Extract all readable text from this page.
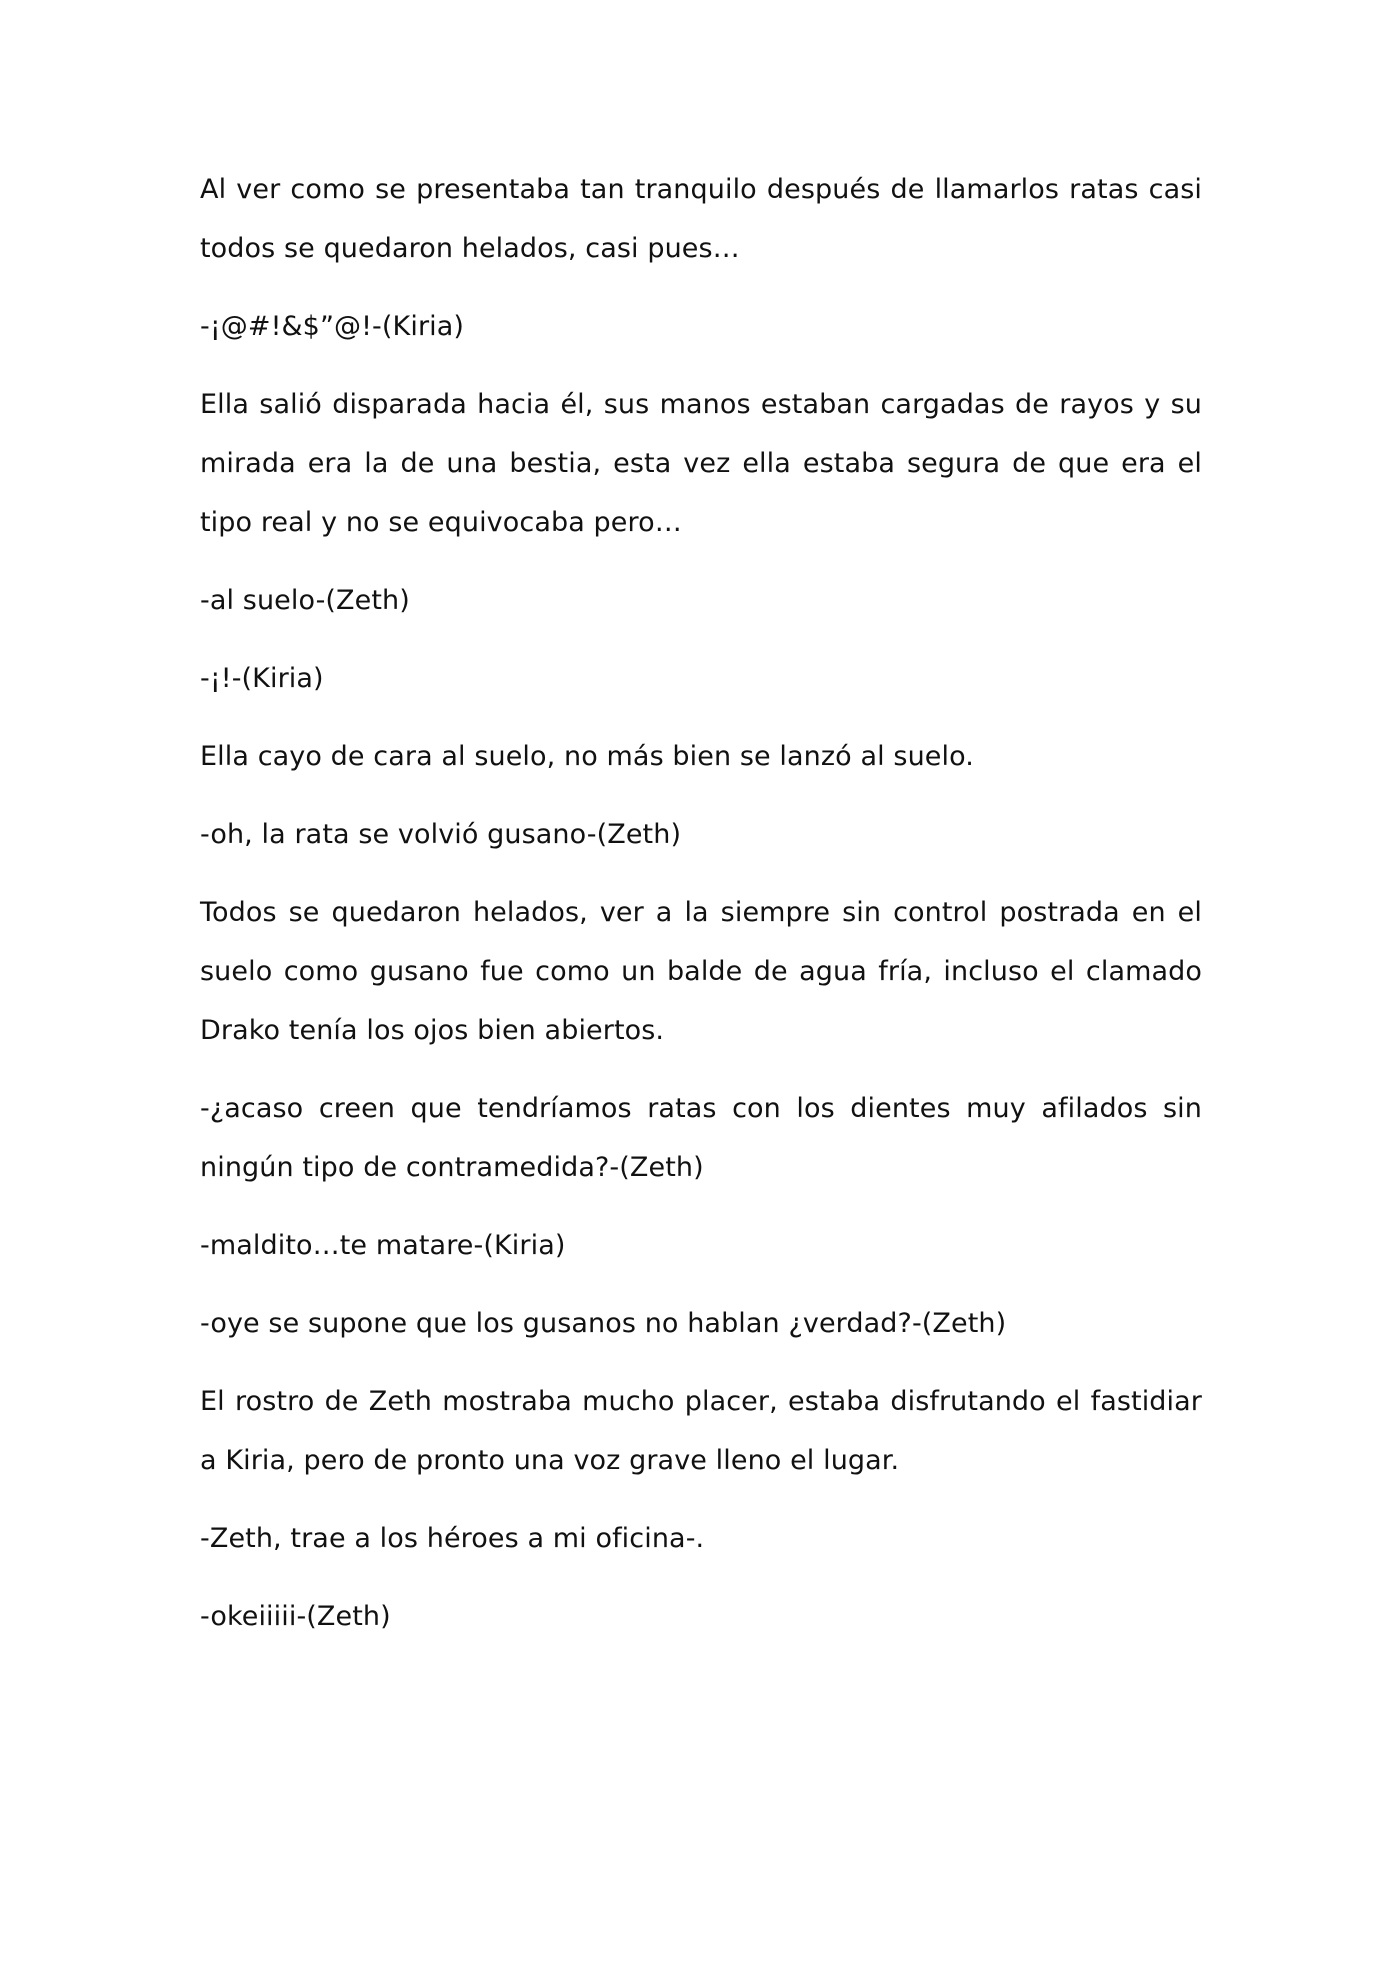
Al ver como se presentaba tan tranquilo después de llamarlos ratas casi todos se quedaron helados, casi pues…

-¡@#!&$”@!-(Kiria)

Ella salió disparada hacia él, sus manos estaban cargadas de rayos y su mirada era la de una bestia, esta vez ella estaba segura de que era el tipo real y no se equivocaba pero…

-al suelo-(Zeth)

-¡!-(Kiria)

Ella cayo de cara al suelo, no más bien se lanzó al suelo.

-oh, la rata se volvió gusano-(Zeth)

Todos se quedaron helados, ver a la siempre sin control postrada en el suelo como gusano fue como un balde de agua fría, incluso el clamado Drako tenía los ojos bien abiertos.

-¿acaso creen que tendríamos ratas con los dientes muy afilados sin ningún tipo de contramedida?-(Zeth)

-maldito…te matare-(Kiria)

-oye se supone que los gusanos no hablan ¿verdad?-(Zeth)

El rostro de Zeth mostraba mucho placer, estaba disfrutando el fastidiar a Kiria, pero de pronto una voz grave lleno el lugar.

-Zeth, trae a los héroes a mi oficina-.

-okeiiiii-(Zeth)
